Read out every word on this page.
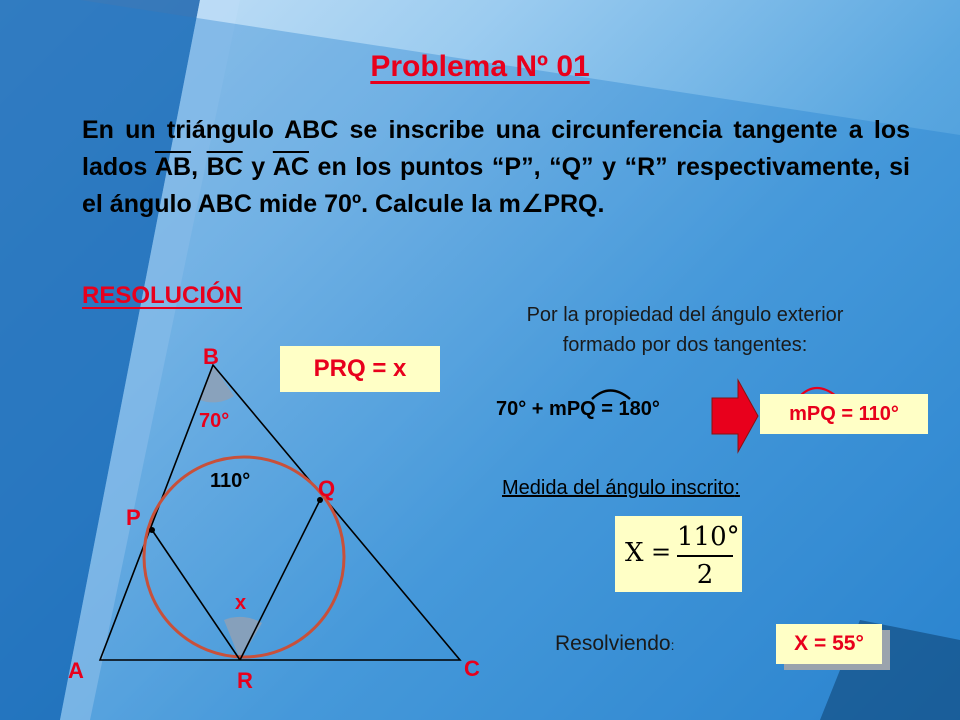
Problema Nº 01

En un triángulo ABC se inscribe una circunferencia tangente a los lados $\overline{AB}$, $\overline{BC}$ y $\overline{AC}$ en los puntos “P”, “Q” y “R” respectivamente, si el ángulo ABC mide 70º. Calcule la m∠PRQ.

RESOLUCIÓN
B
A	C
P
Q
R
70°
110°
x
PRQ = x
Por la propiedad del ángulo exterior
formado por dos tangentes:
70° + mPQ = 180°	mPQ = 110°
Medida del ángulo inscrito:
X = 110°
2
Resolviendo:	X = 55°
